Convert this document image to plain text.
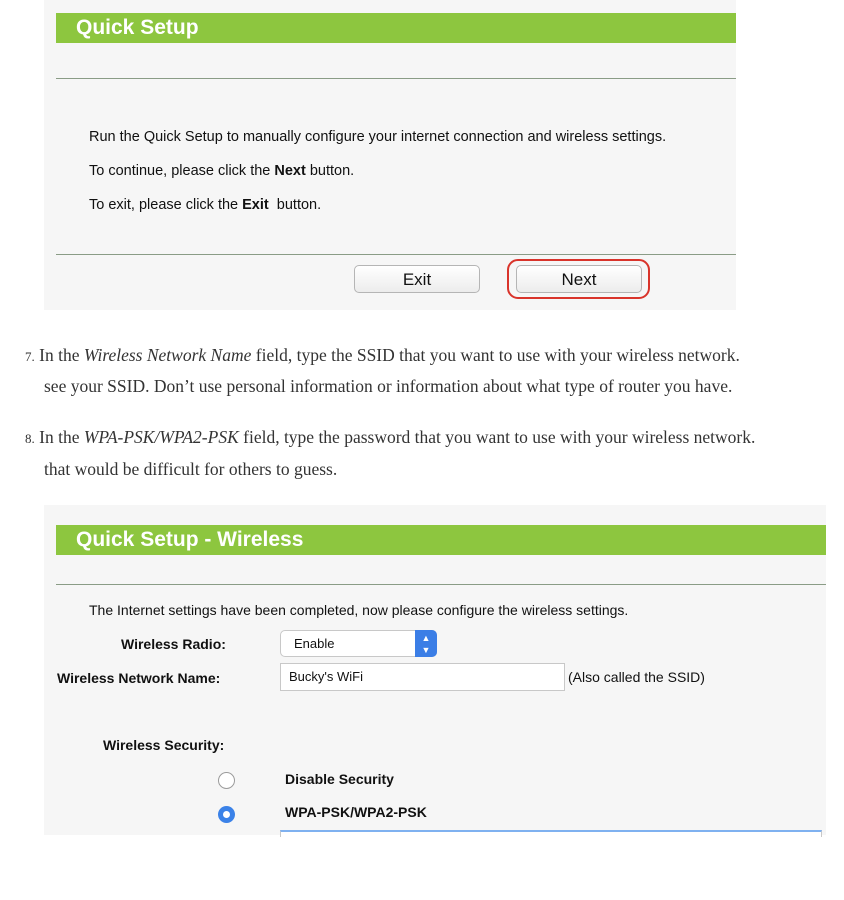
Quick Setup
Run the Quick Setup to manually configure your internet connection and wireless settings.
To continue, please click the Next button.
To exit, please click the Exit  button.
Exit	Next
7. In the Wireless Network Name field, type the SSID that you want to use with your wireless network.
see your SSID. Don’t use personal information or information about what type of router you have.
8. In the WPA-PSK/WPA2-PSK field, type the password that you want to use with your wireless network.
that would be difficult for others to guess.
Quick Setup - Wireless
The Internet settings have been completed, now please configure the wireless settings.
Wireless Radio:	Enable	▲
▼
Wireless Network Name:	Bucky's WiFi	(Also called the SSID)
Wireless Security:
Disable Security
WPA-PSK/WPA2-PSK
